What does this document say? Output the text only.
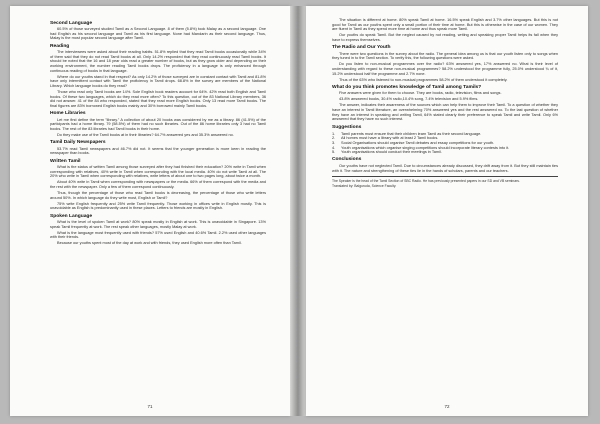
Second Language

60.5% of those surveyed studied Tamil as a Second Language. 8 of them (5.8%) took Malay as a second language. One had English as his second language and Tamil as his first language. None had Mandarin as their second language. Thus, Malay is the most popular second language after Tamil.

Reading

The interviewees were asked about their reading habits. 51.8% replied that they read Tamil books occasionally while 34% of them said that they do not read Tamil books at all. Only 14.2% responded that they read continuously read Tamil books. It should be noted that the 16 and 18 year olds read a greater number of books, but as they grow older and depending on their working environment, the number reading Tamil books drops. The proficiency in a language is only enhanced through continuous reading of books in that language.

Where do our youths stand in that respect? As only 14.2% of those surveyed are in constant contact with Tamil and 81.8% have only intermittent contact with Tamil the proficiency in Tamil drops. 68.8% in the survey are members of the National Library. Which language books do they read?

Those who read only Tamil books are 14%. Sole English book readers account for 64%. 42% read both English and Tamil books. Of these two languages, which do they read more often? To this question, out of the 83 National Library members, 36 did not answer. 41 of the 84 who responded, stated that they read more English books. Only 13 read more Tamil books. The final figures are 83% borrowed English books mainly and 30% borrowed mainly Tamil books.

Home Libraries

Let me first define the term "library." A collection of about 20 books was considered by me as a library. 86 (41.5%) of the participants had a home library. 79 (58.5%) of them had no such libraries. Out of the 86 home libraries only 3 had no Tamil books. The rest of the 83 libraries had Tamil books in their home.

Do they make use of the Tamil books at in their libraries? 64.7% answered yes and 35.3% answered no.

Tamil Daily Newspapers

53.7% read Tamil newspapers and 46.7% did not. It seems that the younger generation is more keen in reading the newspaper than books.

Written Tamil

What is the status of written Tamil among those surveyed after they had finished their education? 20% write in Tamil when corresponding with relatives, 40% write in Tamil when corresponding with the local media. 40% do not write Tamil at all. The 20% who write in Tamil when corresponding with relatives, write letters of about one to two pages long, about twice a month.

About 40% write in Tamil when corresponding with newspapers or the media. 66% of them correspond with the media and the rest with the newspaper. Only a few of them correspond continuously.

Thus, though the percentage of those who read Tamil books is decreasing, the percentage of those who write letters around 50%. In which language do they write most, English or Tamil?

75% write English frequently and 25% write Tamil frequently. Those working in offices write in English mostly. This is unavoidable as English is predominantly used in these places. Letters to friends are mostly in English.

Spoken Language

What is the level of spoken Tamil at work? 80% speak mostly in English at work. This is unavoidable in Singapore. 13% speak Tamil frequently at work. The rest speak other languages, mostly Malay at work.

What is the language most frequently used with friends? 57% used English and 40.6% Tamil. 2.2% used other languages with their friends.

Because our youths spent most of the day at work and with friends, they used English more often than Tamil.

71

The situation is different at home. 80% speak Tamil at home. 16.5% speak English and 3.7% other languages. But this is not good for Tamil as our youths spent only a small portion of their time at home. But this is otherwise in the case of our women. They are fluent in Tamil as they spend more time at home and thus speak more Tamil.

Our youths do speak Tamil. But the neglect caused by not reading, writing and speaking proper Tamil helps its fall when they have to express themselves.

The Radio and Our Youth

There were two questions in the survey about the radio. The general idea among us is that our youth listen only to songs when they tuned in to the Tamil section. To verify this, the following questions were asked.

Do you listen to non-musical programmes over the radio? 63% answered yes, 17% answered no. What is their level of understanding with regard to these non-musical programmes? 58.2% understood the programme fully, 25.0% understood ¾ of it, 15.2% understood half the programme and 2.7% none.

Thus of the 63% who listened to non-musical programmes 58.2% of them understood it completely.

What do you think promotes knowledge of Tamil among Tamils?

Five answers were given for them to choose. They are books, radio, television, films and songs.

43.8% answered books, 30.4% radio,10.4% song, 7.4% television and 5.9% films.

The answer, indicates their awareness of the sources which can help them to improve their Tamil. To a question of whether they have an interest in Tamil literature, an overwhelming 70% answered yes and the rest answered no. To the last question of whether they have an interest in speaking and writing Tamil, 64% stated clearly their preference to speak Tamil and write Tamil. Only 6% answered that they have no such interest.

Suggestions
1.	Tamil parents must ensure that their children learn Tamil as their second language.
2.	All homes must have a library with at least 2 Tamil books.
3.	Social Organisations should organise Tamil debates and essay competitions for our youth.
4.	Youth organisations which organise singing competitions should incorporate literary contests into it.
5.	Youth organisations should conduct their meetings in Tamil.
Conclusions

Our youths have not neglected Tamil. Due to circumstances already discussed, they drift away from it. But they still maintain ties with it. The nature and strengthening of these ties lie in the hands of scholars, parents and our teachers.

The Speaker is the head of the Tamil Section of SBC Radio. He has previously presented papers in our SD and VB seminars.

Translated by: Balguruda, Science Faculty.

72
